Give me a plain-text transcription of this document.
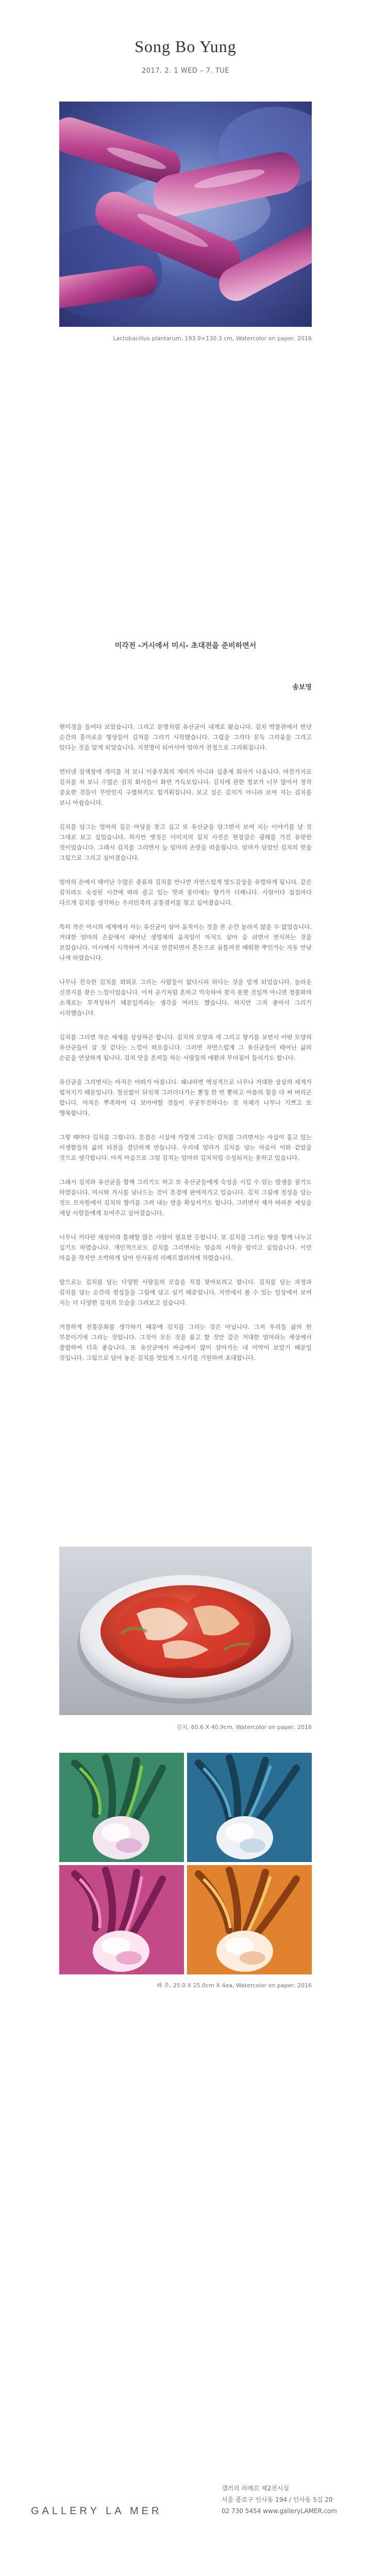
Song Bo Yung
2017. 2. 1 WED – 7. TUE
Lactobacillus plantarum, 193.9×130.3 cm, Watercolor on paper, 2016
미각전 -거시에서 미시- 초대전을 준비하면서
송보영

현미경을 들여다 보았습니다. 그리고 문명처럼 유산균이 내게로 왔습니다. 김치 박물관에서 반년 순간의 흥미로운 형상들이 김치를 그리기 시작했습니다. 그림을 그리다 문득 그리움을 그리고 있다는 것을 알게 되었습니다. 지천명이 되어서야 엄마가 전정으로 그리워집니다.

언터넷 검색창에 개미를 쳐 보니 이충우화의 개미가 아니라 실충제 회사가 나옵니다. 마찬가지로 김치를 쳐 보니 수많은 김치 회사들이 화면 가득보입니다. 김치에 관한 정보가 너무 많아서 정작 중요한 것들이 무엇인지 구별하기도 힘겨워집니다. 보고 싶은 김치가 아니라 보여 지는 김치를 보니 아쉽습니다.

김치를 담그는 엄마의 깊은 마당을 찾고 싶고 또 유산균을 담그면서 보여 지는 이야기를 날 것 그대로 보고 싶었습니다. 하지만 엣것은 이미지의 김치 사진은 현장감은 굉해를 가진 유맞한 것이었습니다. 그래서 김치를 그리면서 늘 엄마의 손맛을 떠올립니다. 엄마가 담았던 김치의 맛을 그림으로 그리고 싶어졌습니다.

엄마의 손에서 태어난 수많은 종류의 김치를 만나면 자연스럽게 발도감상을 유발하게 됩니다. 같은 김치라도 숙성된 시간에 따라 즐고 있는 맛과 풍미에는 향기가 더해니다. 사람이다 집집마다 다르게 김치를 생각하는 우리민족의 공통점서를 찾고 싶어졌습니다.

특히 작은 미시의 세계에서 사는 유산균이 살아 움직이는 것을 본 순간 놀라지 않을 수 없었습니다. 거대한 엄마의 손끝에서 태어난 생명체의 움직임이 마치도 살아 숨 쉬면서 번식하는 것을 보았습니다. 미시에서 시작하여 거시로 연결되면서 혼돈으로 꿈틀려진 배워한 쭈인가는 자동 만남 나게 하였습니다.

나무나 친숙한 김치를 외외로 그리는 사람들이 없다시피 하다는 것을 알게 되었습니다. 놀라운 신천지를 찾은 느낌이었습니다. 이처 공기처럼 흔하고 익숙하여 찾지 못한 것일까 아니면 정물화의 소재로는 부적성하기 때문일까라는 생각을 여러도 했습니다. 하지만 그저 좋아서 그리기 시작했습니다.

김치를 그리면 작은 세계를 상상하곤 합니다. 김치의 모양과 색 그리고 향기를 보면서 어떤 모양의 유산균들이 살 것 같다는 느낌이 떠오릅니다. 그러면 자연스럽게 그 유산균들이 태어난 삶의 손끝을 연상하게 됩니다. 김치 맛을 흔히들 하는 사람들의 애환과 무뎌짐이 들리기도 합니다.

유산균을 그리면서는 아직은 어떠가 아름니다. 왜냐하면 액성적으로 너무나 거대한 상상의 세계가 펼쳐지기 때문입니다. 정신없이 뒤섞게 그러더다가는 뽕칭 한 번 뽕하고 아름의 힘을 다 써 버리곤 합니다. 아직은 뿌족하여 다 보아여할 것들이 무궁무진하다는 것 자체가 나무나 기쁘고 또 행복합니다.

그렇 때마다 김치를 그립니다. 흔검은 시실에 가깝게 그리는 김치를 그리면서는 사실이 홀고 있는 이생함들의 삶의 터전을 결단하게 만듭니다. 우리네 엄마가 김치를 담는 마음이 이와 같았을 것으로 생각합니다. 아직 마음으로 그럼 김치는 엄마의 김치처럼 숙성되지는 못하고 있습니다.

그래서 김치와 유산균을 함께 그리기도 하고 또 유산균들에게 숙성을 시킬 수 있는 발생을 꿈기도 하였습니다. 미시와 거시를 넘나드는 것이 흔검에 판에져가고 있습니다. 김치 그림에 정성을 담는 것도 모차원에서 김치의 향기를 그려 내는 방을 확실셔기도 합니다. 그러면서 제가 바라본 세상을 세상 사람들에게 보여주고 싶어졌습니다.

너무나 커다란 세상이라 틀혜할 많은 사람이 필요한 듯합니다. 또 김치를 그리는 땃을 함께 나누고 싶기도 하였습니다. 개인적으로도 김치를 그리면서는 엄음의 시작을 알리고 싶었습니다. 이런 마음을 작지만 소박하게 담아 인사동의 리베르갤러리에 차렸습니다.

앞으로는 김치를 담는 다양한 사람들의 모습을 직접 찾아보려고 합니다. 김치를 담는 과정과 김치를 담는 순간의 정성들을 그림에 담고 싶기 때문입니다. 지연에서 볼 수 있는 일상에서 보여 지는 더 다양한 김치의 모습을 그려보고 싶습니다.

거창하게 전통문화를 생각하기 때문에 김치를 그리는 것은 아닙니다. 그저 우리들 삶의 한 부분이기에 그리는 것입니다. 그것이 모든 것을 품고 할 것만 같은 거대한 엄마라는 세상에서 출발하여 더욱 좋습니다. 또 유산균에서 바금에서 많이 살아가는 내 미약이 보았기 때문일 것입니다. 그림으로 담아 놓은 김치를 맛있게 드시기를 기원하며 초대합니다.

김치, 60.6 X 40.9cm, Watercolor on paper, 2016
배 추, 25.0 X 25.0cm X 4ea, Watercolor on paper, 2016
GALLERY LA MER
갤러리 라메르 제2전시실
서울 종로구 인사동 194 / 인사동 5길 20
02 730 5454 www.galleryLAMER.com
